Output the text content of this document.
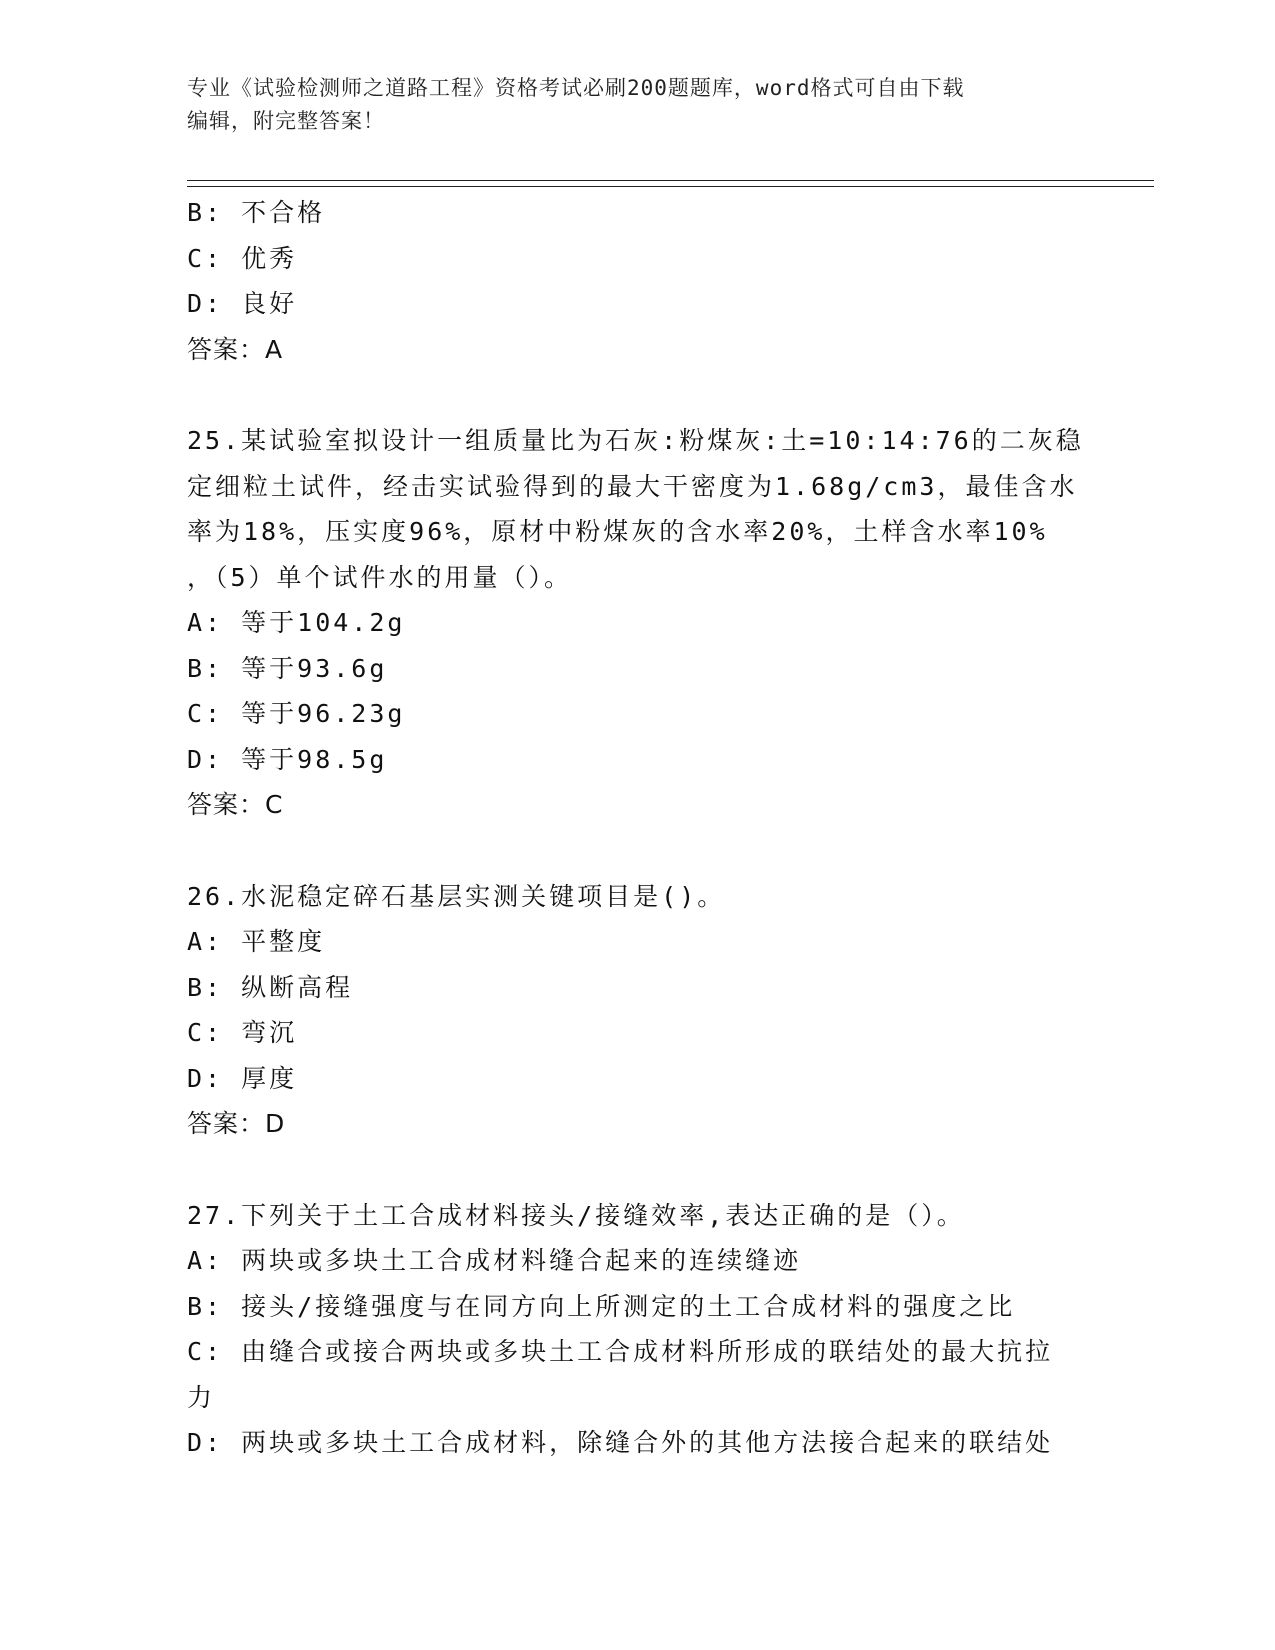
专业《试验检测师之道路工程》资格考试必刷200题题库，word格式可自由下载
编辑，附完整答案！
B: 不合格
C: 优秀
D: 良好
答案：A
25.某试验室拟设计一组质量比为石灰:粉煤灰:土=10:14:76的二灰稳
定细粒土试件，经击实试验得到的最大干密度为1.68g/cm3，最佳含水
率为18%，压实度96%，原材中粉煤灰的含水率20%，土样含水率10%
，（5）单个试件水的用量（）。
A: 等于104.2g
B: 等于93.6g
C: 等于96.23g
D: 等于98.5g
答案：C
26.水泥稳定碎石基层实测关键项目是()。
A: 平整度
B: 纵断高程
C: 弯沉
D: 厚度
答案：D
27.下列关于土工合成材料接头/接缝效率,表达正确的是（）。
A: 两块或多块土工合成材料缝合起来的连续缝迹
B: 接头/接缝强度与在同方向上所测定的土工合成材料的强度之比
C: 由缝合或接合两块或多块土工合成材料所形成的联结处的最大抗拉
力
D: 两块或多块土工合成材料，除缝合外的其他方法接合起来的联结处
